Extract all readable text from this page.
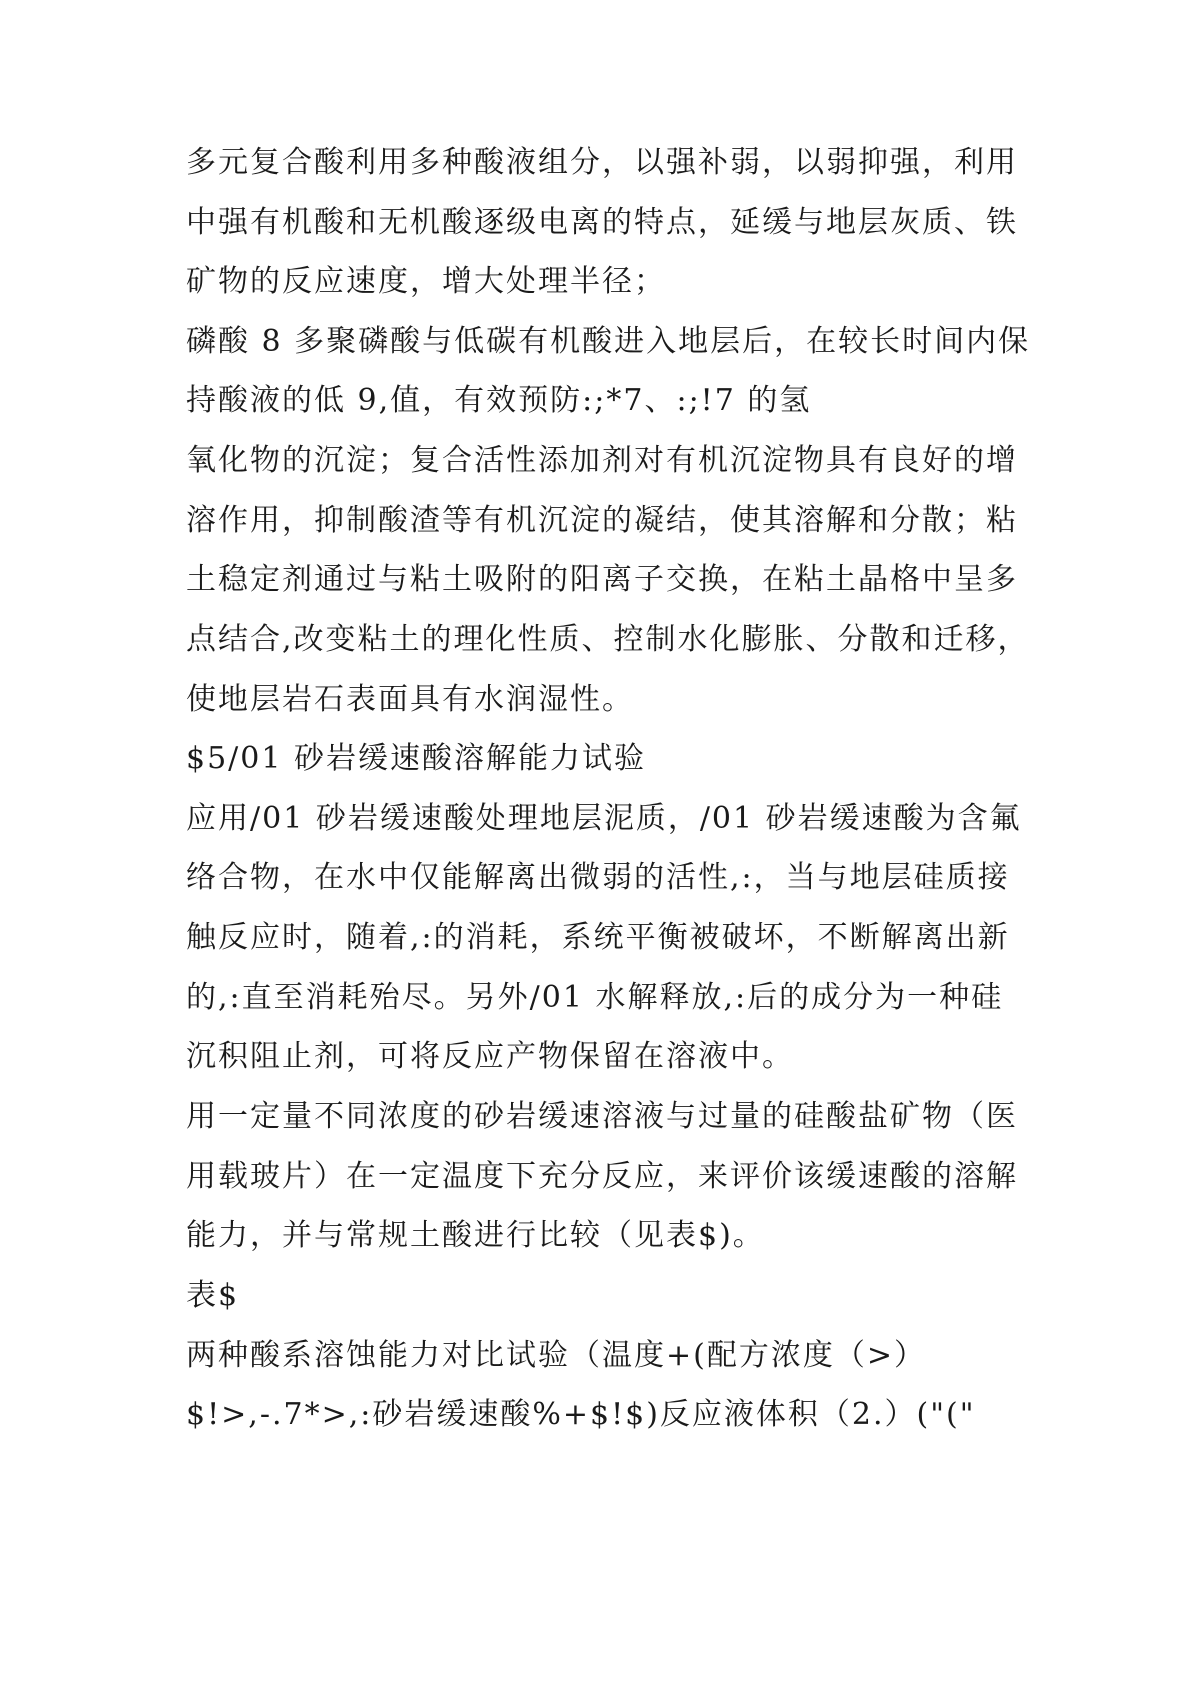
多元复合酸利用多种酸液组分，以强补弱，以弱抑强，利用
中强有机酸和无机酸逐级电离的特点，延缓与地层灰质、铁
矿物的反应速度，增大处理半径；
磷酸 8 多聚磷酸与低碳有机酸进入地层后，在较长时间内保
持酸液的低 9,值，有效预防:;*7、:;!7 的氢
氧化物的沉淀；复合活性添加剂对有机沉淀物具有良好的增
溶作用，抑制酸渣等有机沉淀的凝结，使其溶解和分散；粘
土稳定剂通过与粘土吸附的阳离子交换，在粘土晶格中呈多
点结合,改变粘土的理化性质、控制水化膨胀、分散和迁移，
使地层岩石表面具有水润湿性。
$5/01 砂岩缓速酸溶解能力试验
应用/01 砂岩缓速酸处理地层泥质，/01 砂岩缓速酸为含氟
络合物，在水中仅能解离出微弱的活性,:，当与地层硅质接
触反应时，随着,:的消耗，系统平衡被破坏，不断解离出新
的,:直至消耗殆尽。另外/01 水解释放,:后的成分为一种硅
沉积阻止剂，可将反应产物保留在溶液中。
用一定量不同浓度的砂岩缓速溶液与过量的硅酸盐矿物（医
用载玻片）在一定温度下充分反应，来评价该缓速酸的溶解
能力，并与常规土酸进行比较（见表$)。
表$
两种酸系溶蚀能力对比试验（温度+(配方浓度（>）
$!>,-.7*>,:砂岩缓速酸%+$!$)反应液体积（2.）("("
